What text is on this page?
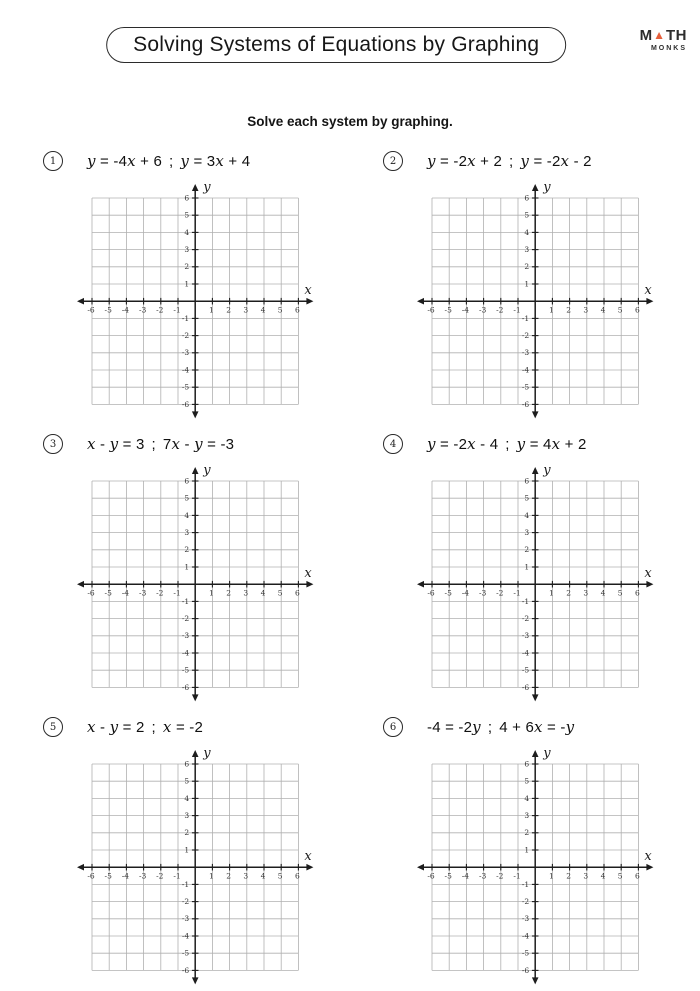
Solving Systems of Equations by Graphing	M ▲ TH
MONKS
Solve each system by graphing.
1	y = -4x + 6 ; y = 3x + 4
-6 -5 -4 -3 -2 -1	1 2 3 4 5 6
6
5
4
3
2
1
-1
-2
-3
-4
-5
-6
x
y
2	y = -2x + 2 ; y = -2x - 2
-6 -5 -4 -3 -2 -1	1 2 3 4 5 6
6
5
4
3
2
1
-1
-2
-3
-4
-5
-6
x
y
3	x - y = 3 ; 7x - y = -3
-6 -5 -4 -3 -2 -1	1 2 3 4 5 6
6
5
4
3
2
1
-1
-2
-3
-4
-5
-6
x
y
4	y = -2x - 4 ; y = 4x + 2
-6 -5 -4 -3 -2 -1	1 2 3 4 5 6
6
5
4
3
2
1
-1
-2
-3
-4
-5
-6
x
y
5	x - y = 2 ; x = -2
-6 -5 -4 -3 -2 -1	1 2 3 4 5 6
6
5
4
3
2
1
-1
-2
-3
-4
-5
-6
x
y
6	-4 = -2y ; 4 + 6x = -y
-6 -5 -4 -3 -2 -1	1 2 3 4 5 6
6
5
4
3
2
1
-1
-2
-3
-4
-5
-6
x
y
